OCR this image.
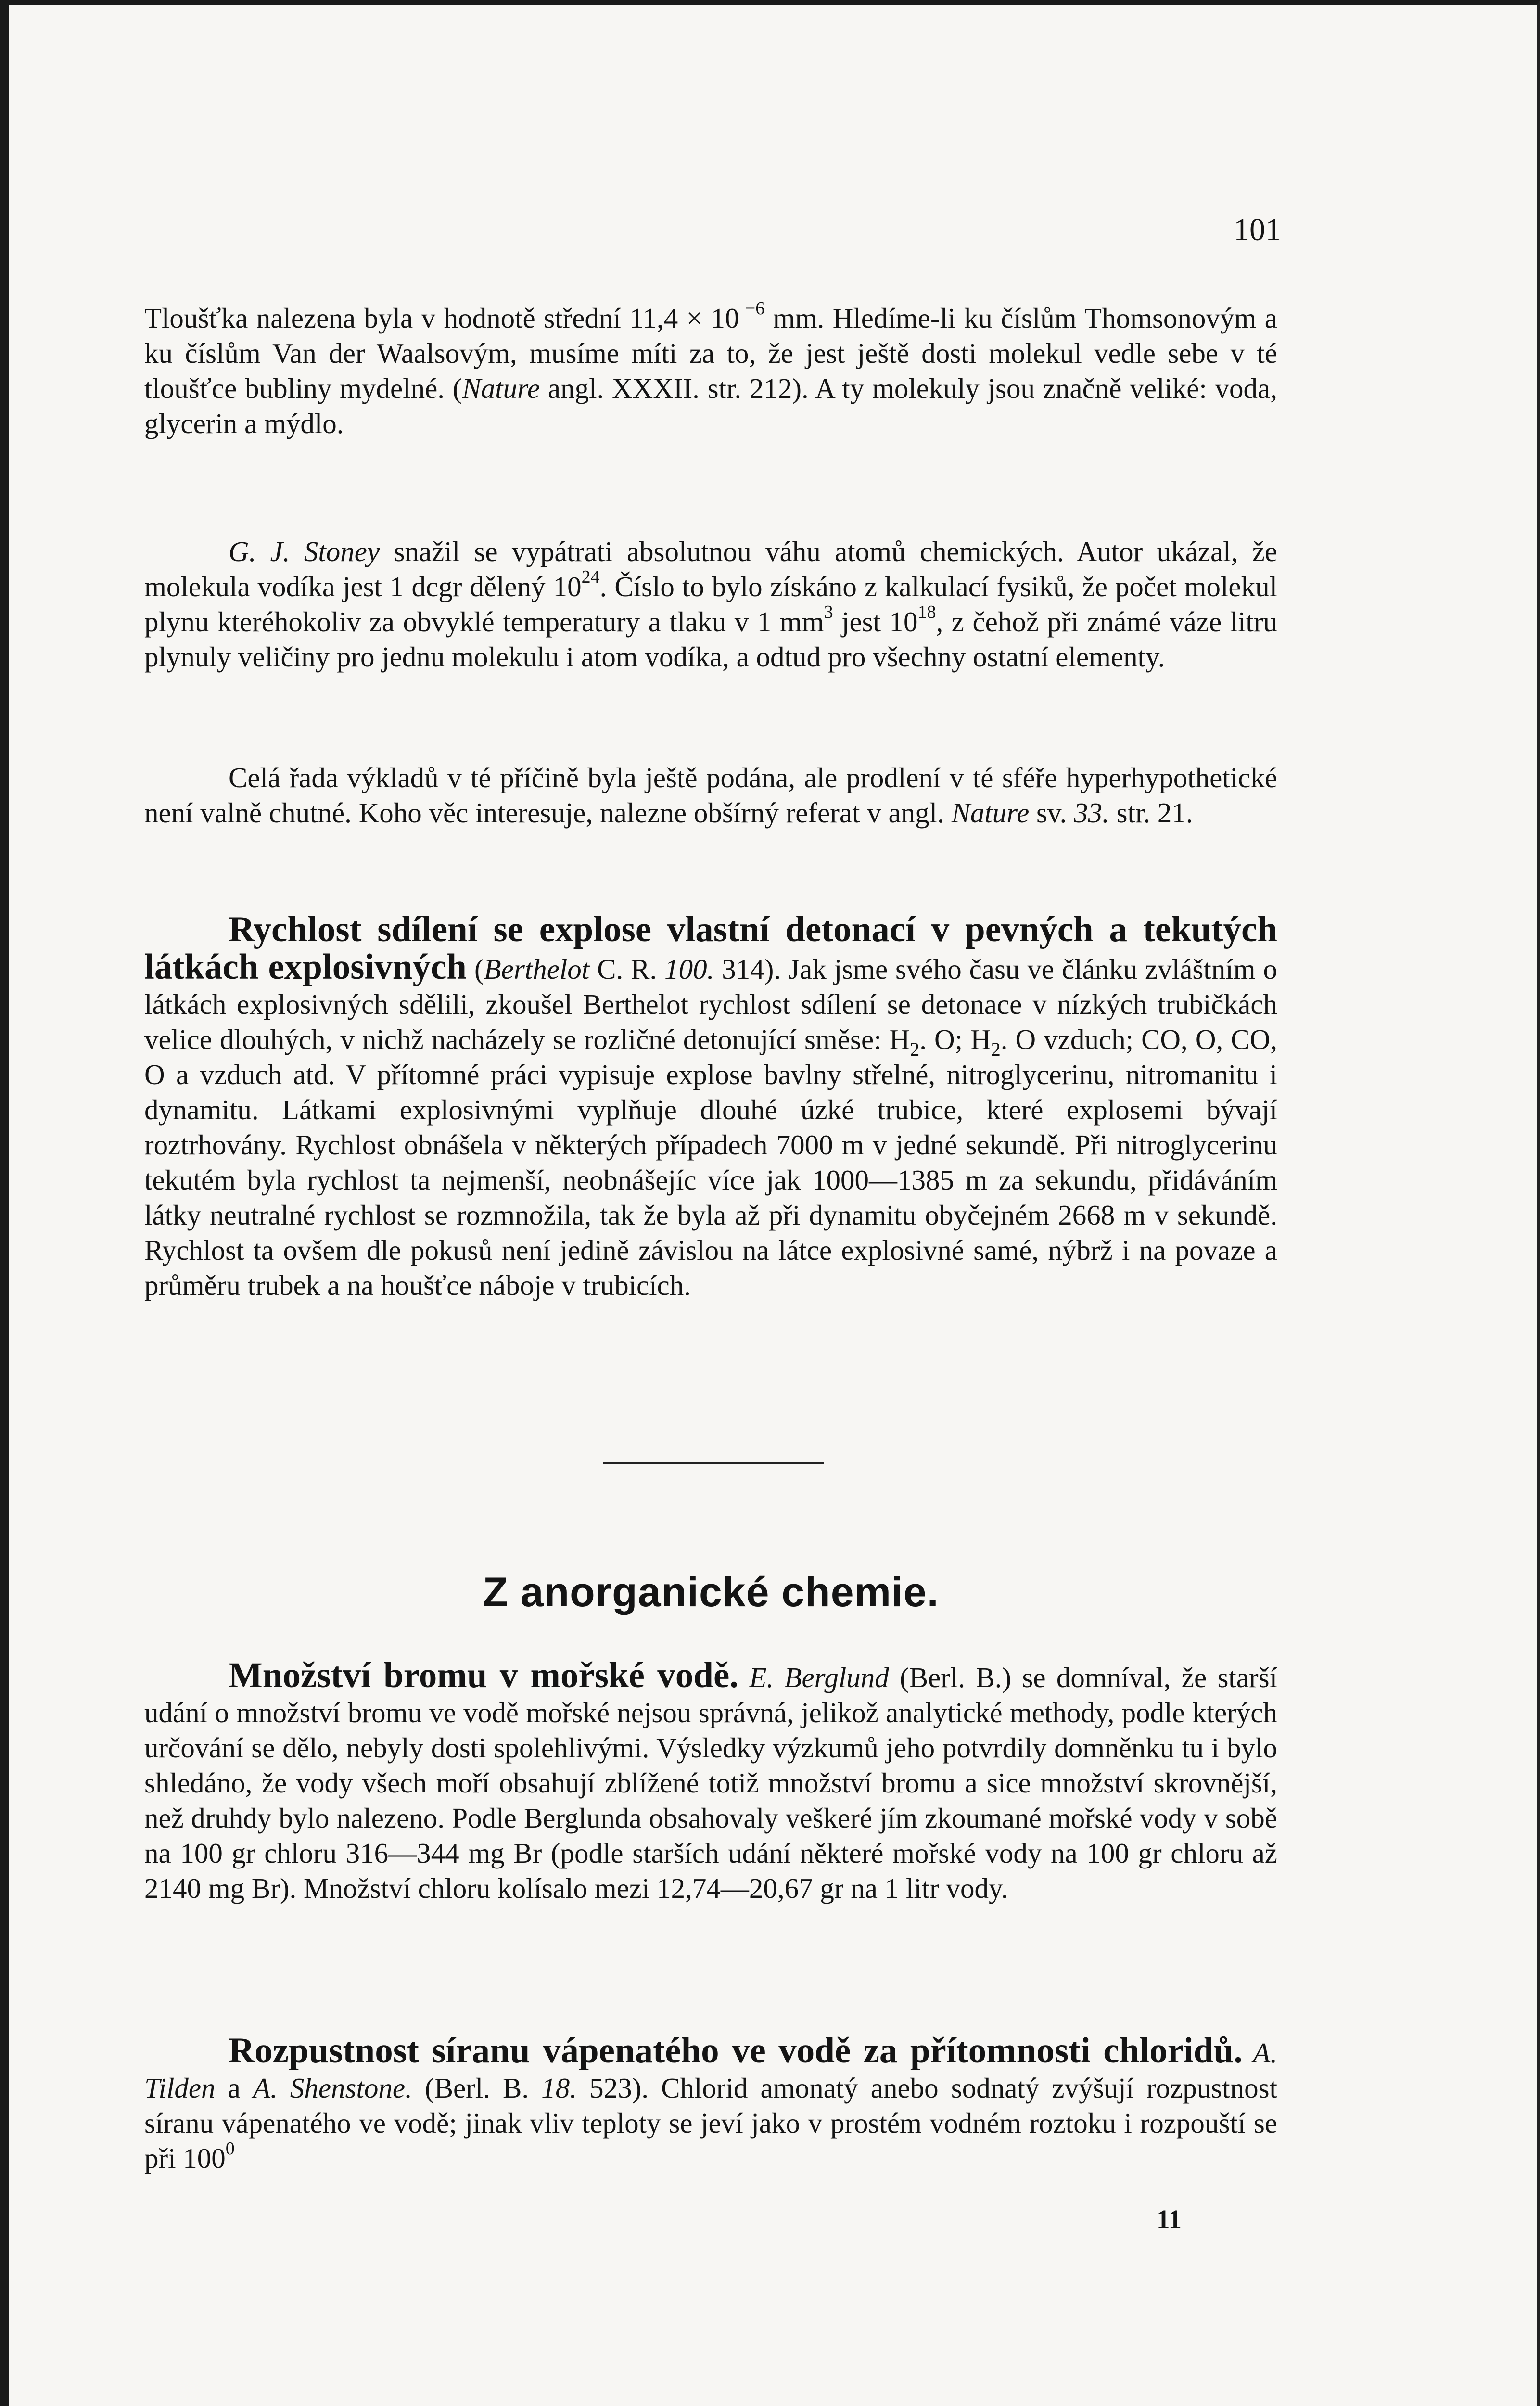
101

Tloušťka nalezena byla v hodnotě střední 11,4 × 10 $^{-6}$ mm. Hledíme-li ku číslům Thomsonovým a ku číslům Van der Waalsovým, musíme míti za to, že jest ještě dosti molekul vedle sebe v té tloušťce bubliny mydelné. (Nature angl. XXXII. str. 212). A ty molekuly jsou značně veliké: voda, glycerin a mýdlo.

G. J. Stoney snažil se vypátrati absolutnou váhu atomů chemických. Autor ukázal, že molekula vodíka jest 1 dcgr dělený $10^{24}$. Číslo to bylo získáno z kalkulací fysiků, že počet molekul plynu kteréhokoliv za obvyklé temperatury a tlaku v 1 $mm^3$ jest $10^{18}$, z čehož při známé váze litru plynuly veličiny pro jednu molekulu i atom vodíka, a odtud pro všechny ostatní elementy.

Celá řada výkladů v té příčině byla ještě podána, ale prodlení v té sféře hyperhypothetické není valně chutné. Koho věc interesuje, nalezne obšírný referat v angl. Nature sv. 33. str. 21.

Rychlost sdílení se explose vlastní detonací v pevných a tekutých látkách explosivných (Berthelot C. R. 100. 314). Jak jsme svého času ve článku zvláštním o látkách explosivných sdělili, zkoušel Berthelot rychlost sdílení se detonace v nízkých trubičkách velice dlouhých, v nichž nacházely se rozličné detonující směse: $H_2$. O; $H_2$. O vzduch; CO, O, CO, O a vzduch atd. V přítomné práci vypisuje explose bavlny střelné, nitroglycerinu, nitromanitu i dynamitu. Látkami explosivnými vyplňuje dlouhé úzké trubice, které explosemi bývají roztrhovány. Rychlost obnášela v některých případech 7000 m v jedné sekundě. Při nitroglycerinu tekutém byla rychlost ta nejmenší, neobnášejíc více jak 1000—1385 m za sekundu, přidáváním látky neutralné rychlost se rozmnožila, tak že byla až při dynamitu obyčejném 2668 m v sekundě. Rychlost ta ovšem dle pokusů není jedině závislou na látce explosivné samé, nýbrž i na povaze a průměru trubek a na houšťce náboje v trubicích.

Z anorganické chemie.

Množství bromu v mořské vodě. E. Berglund (Berl. B.) se domníval, že starší udání o množství bromu ve vodě mořské nejsou správná, jelikož analytické methody, podle kterých určování se dělo, nebyly dosti spolehlivými. Výsledky výzkumů jeho potvrdily domněnku tu i bylo shledáno, že vody všech moří obsahují zblížené totiž množství bromu a sice množství skrovnější, než druhdy bylo nalezeno. Podle Berglunda obsahovaly veškeré jím zkoumané mořské vody v sobě na 100 gr chloru 316—344 mg Br (podle starších udání některé mořské vody na 100 gr chloru až 2140 mg Br). Množství chloru kolísalo mezi 12,74—20,67 gr na 1 litr vody.

Rozpustnost síranu vápenatého ve vodě za přítomnosti chloridů. A. Tilden a A. Shenstone. (Berl. B. 18. 523). Chlorid amonatý anebo sodnatý zvýšují rozpustnost síranu vápenatého ve vodě; jinak vliv teploty se jeví jako v prostém vodném roztoku i rozpouští se při $100^0$

11
